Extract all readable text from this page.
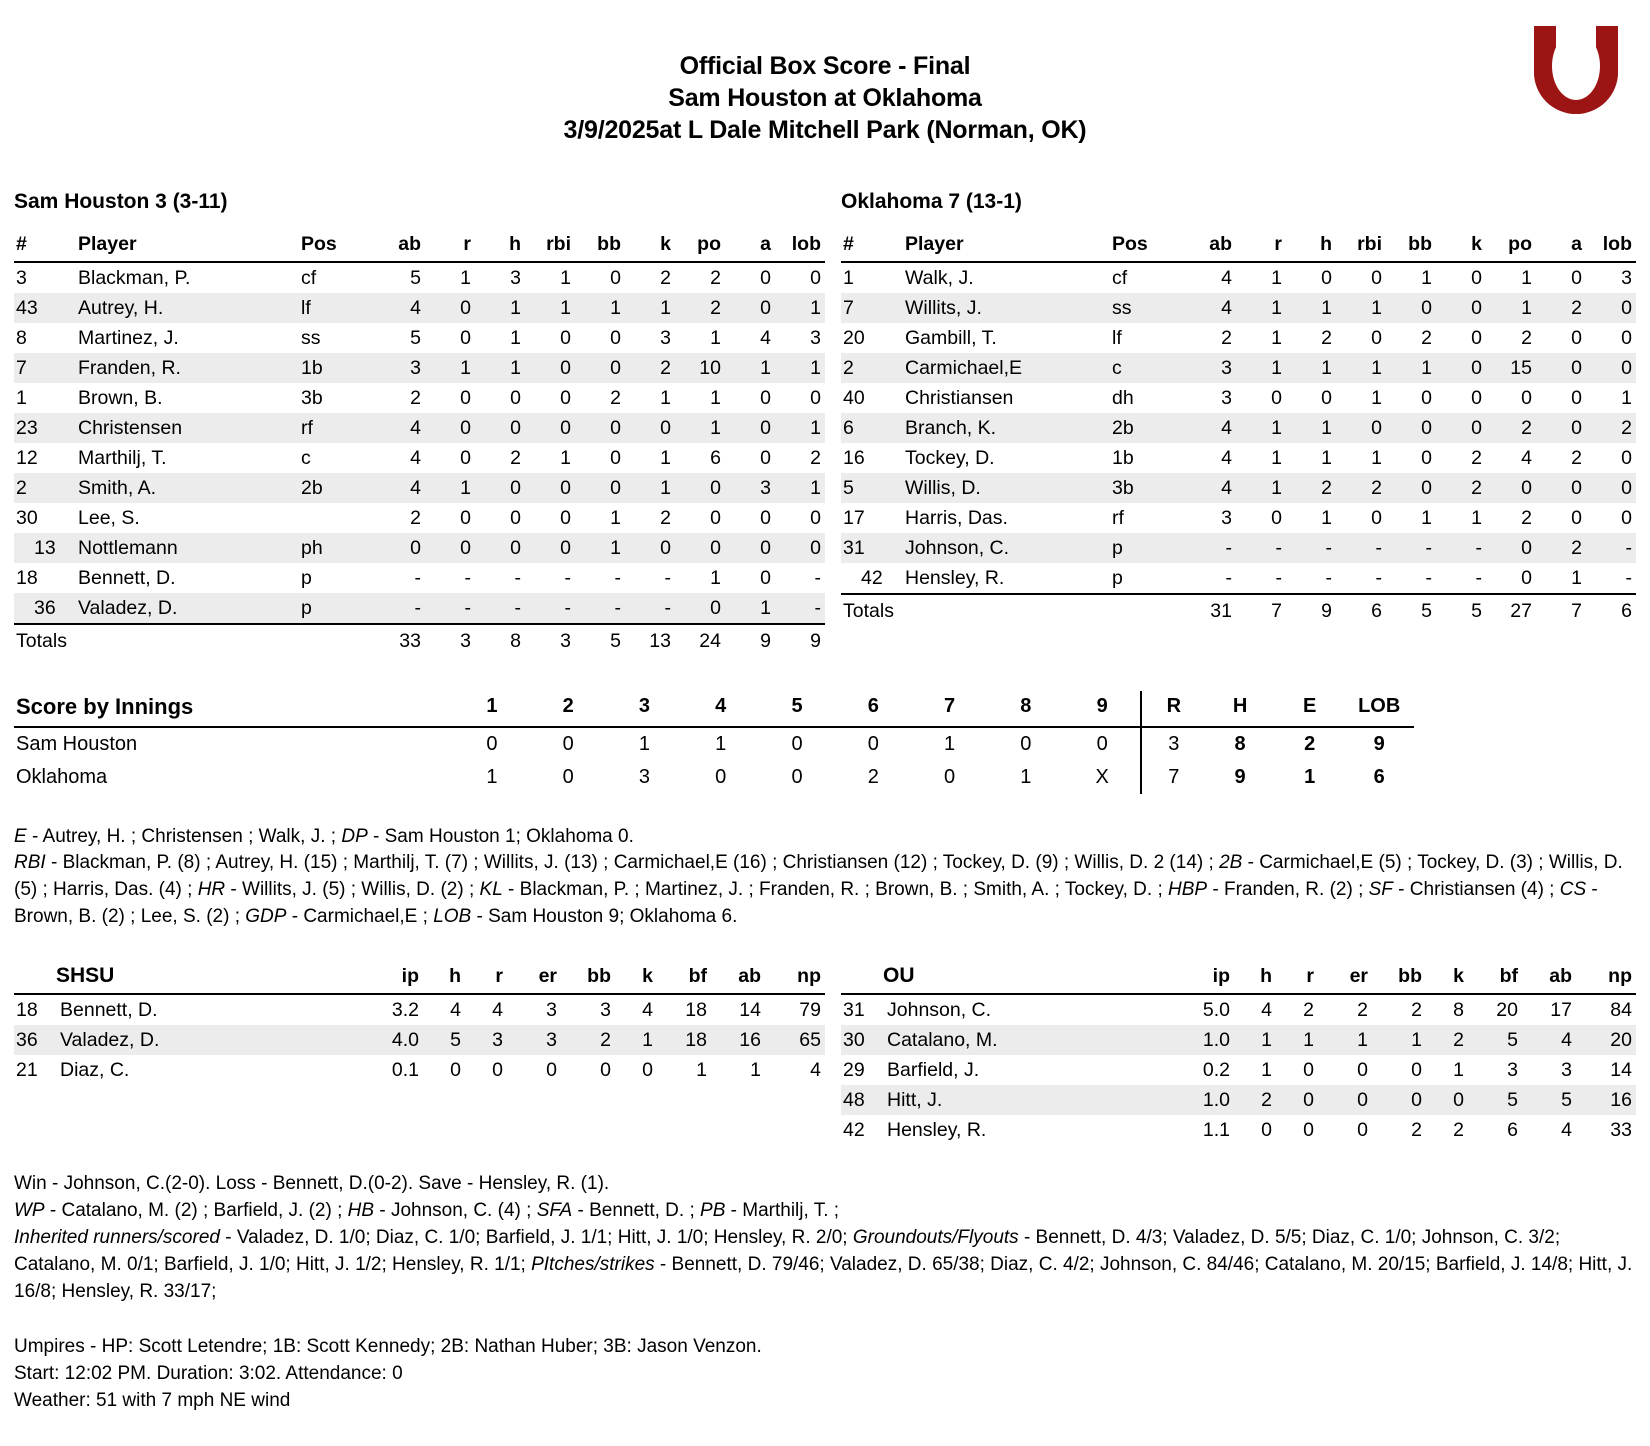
®
Official Box Score - Final
Sam Houston at Oklahoma
3/9/2025at L Dale Mitchell Park (Norman, OK)
Sam Houston 3 (3-11)
#	Player	Pos	ab	r	h	rbi	bb	k	po	a	lob
3	Blackman, P.	cf	5	1	3	1	0	2	2	0	0
43	Autrey, H.	lf	4	0	1	1	1	1	2	0	1
8	Martinez, J.	ss	5	0	1	0	0	3	1	4	3
7	Franden, R.	1b	3	1	1	0	0	2	10	1	1
1	Brown, B.	3b	2	0	0	0	2	1	1	0	0
23	Christensen	rf	4	0	0	0	0	0	1	0	1
12	Marthilj, T.	c	4	0	2	1	0	1	6	0	2
2	Smith, A.	2b	4	1	0	0	0	1	0	3	1
30	Lee, S.		2	0	0	0	1	2	0	0	0
13	Nottlemann	ph	0	0	0	0	1	0	0	0	0
18	Bennett, D.	p	-	-	-	-	-	-	1	0	-
36	Valadez, D.	p	-	-	-	-	-	-	0	1	-
Totals			33	3	8	3	5	13	24	9	9
Oklahoma 7 (13-1)
#	Player	Pos	ab	r	h	rbi	bb	k	po	a	lob
1	Walk, J.	cf	4	1	0	0	1	0	1	0	3
7	Willits, J.	ss	4	1	1	1	0	0	1	2	0
20	Gambill, T.	lf	2	1	2	0	2	0	2	0	0
2	Carmichael,E	c	3	1	1	1	1	0	15	0	0
40	Christiansen	dh	3	0	0	1	0	0	0	0	1
6	Branch, K.	2b	4	1	1	0	0	0	2	0	2
16	Tockey, D.	1b	4	1	1	1	0	2	4	2	0
5	Willis, D.	3b	4	1	2	2	0	2	0	0	0
17	Harris, Das.	rf	3	0	1	0	1	1	2	0	0
31	Johnson, C.	p	-	-	-	-	-	-	0	2	-
42	Hensley, R.	p	-	-	-	-	-	-	0	1	-
Totals			31	7	9	6	5	5	27	7	6
Score by Innings	1	2	3	4	5	6	7	8	9	R	H	E	LOB
Sam Houston	0	0	1	1	0	0	1	0	0	3	8	2	9
Oklahoma	1	0	3	0	0	2	0	1	X	7	9	1	6
E - Autrey, H. ; Christensen ; Walk, J. ; DP - Sam Houston 1; Oklahoma 0.
RBI - Blackman, P. (8) ; Autrey, H. (15) ; Marthilj, T. (7) ; Willits, J. (13) ; Carmichael,E (16) ; Christiansen (12) ; Tockey, D. (9) ; Willis, D. 2 (14) ; 2B - Carmichael,E (5) ; Tockey, D. (3) ; Willis, D. (5) ; Harris, Das. (4) ; HR - Willits, J. (5) ; Willis, D. (2) ; KL - Blackman, P. ; Martinez, J. ; Franden, R. ; Brown, B. ; Smith, A. ; Tockey, D. ; HBP - Franden, R. (2) ; SF - Christiansen (4) ; CS - Brown, B. (2) ; Lee, S. (2) ; GDP - Carmichael,E ; LOB - Sam Houston 9; Oklahoma 6.
	SHSU	ip	h	r	er	bb	k	bf	ab	np
18	Bennett, D.	3.2	4	4	3	3	4	18	14	79
36	Valadez, D.	4.0	5	3	3	2	1	18	16	65
21	Diaz, C.	0.1	0	0	0	0	0	1	1	4
	OU	ip	h	r	er	bb	k	bf	ab	np
31	Johnson, C.	5.0	4	2	2	2	8	20	17	84
30	Catalano, M.	1.0	1	1	1	1	2	5	4	20
29	Barfield, J.	0.2	1	0	0	0	1	3	3	14
48	Hitt, J.	1.0	2	0	0	0	0	5	5	16
42	Hensley, R.	1.1	0	0	0	2	2	6	4	33
Win - Johnson, C.(2-0). Loss - Bennett, D.(0-2). Save - Hensley, R. (1).
WP - Catalano, M. (2) ; Barfield, J. (2) ; HB - Johnson, C. (4) ; SFA - Bennett, D. ; PB - Marthilj, T. ;
Inherited runners/scored - Valadez, D. 1/0; Diaz, C. 1/0; Barfield, J. 1/1; Hitt, J. 1/0; Hensley, R. 2/0; Groundouts/Flyouts - Bennett, D. 4/3; Valadez, D. 5/5; Diaz, C. 1/0; Johnson, C. 3/2; Catalano, M. 0/1; Barfield, J. 1/0; Hitt, J. 1/2; Hensley, R. 1/1; PItches/strikes - Bennett, D. 79/46; Valadez, D. 65/38; Diaz, C. 4/2; Johnson, C. 84/46; Catalano, M. 20/15; Barfield, J. 14/8; Hitt, J. 16/8; Hensley, R. 33/17;
Umpires - HP: Scott Letendre; 1B: Scott Kennedy; 2B: Nathan Huber; 3B: Jason Venzon.
Start: 12:02 PM. Duration: 3:02. Attendance: 0
Weather: 51 with 7 mph NE wind
